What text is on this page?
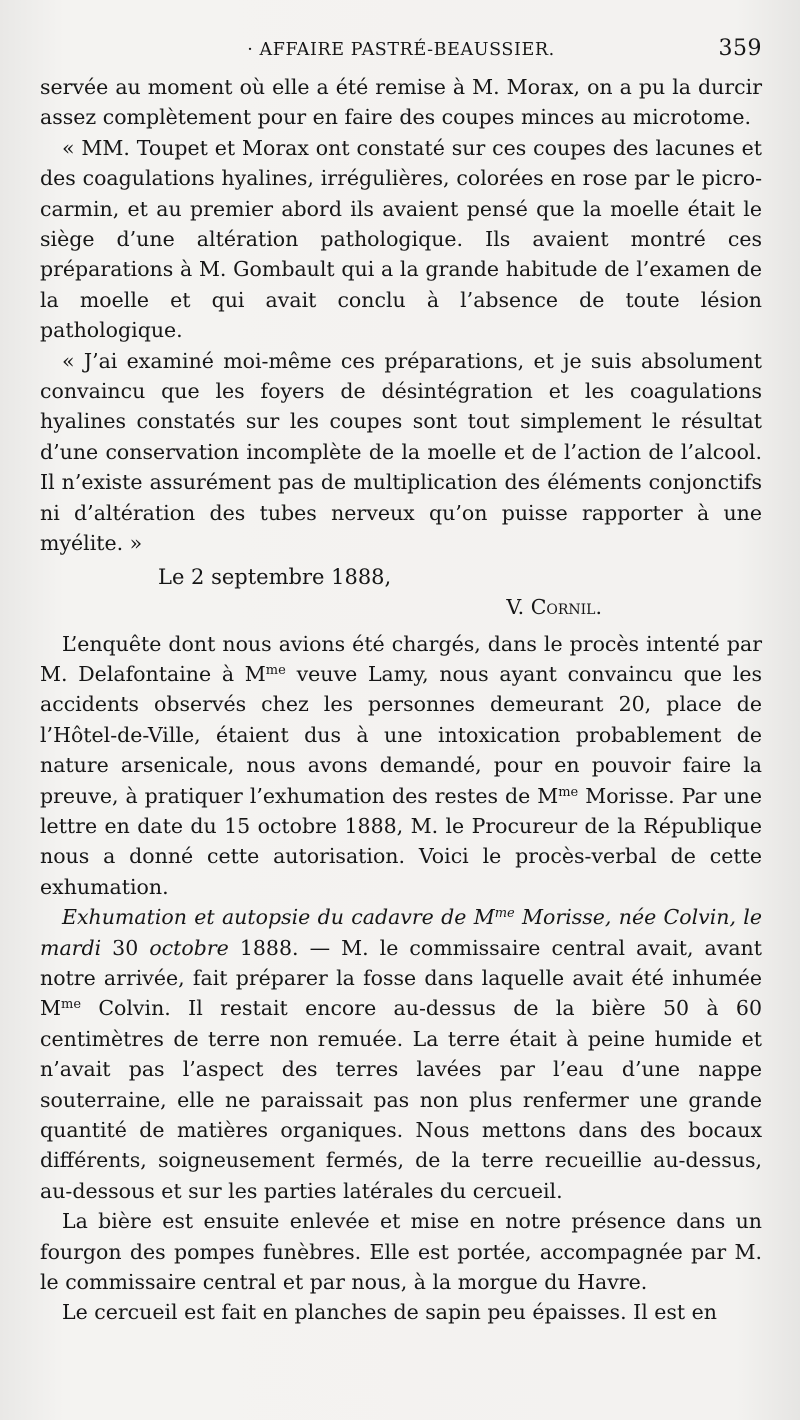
· AFFAIRE PASTRÉ-BEAUSSIER.	359

servée au moment où elle a été remise à M. Morax, on a pu la durcir assez complètement pour en faire des coupes minces au microtome.

« MM. Toupet et Morax ont constaté sur ces coupes des lacunes et des coagulations hyalines, irrégulières, colorées en rose par le picro-carmin, et au premier abord ils avaient pensé que la moelle était le siège d’une altération pathologique. Ils avaient montré ces préparations à M. Gombault qui a la grande habitude de l’examen de la moelle et qui avait conclu à l’absence de toute lésion pathologique.

« J’ai examiné moi-même ces préparations, et je suis absolument convaincu que les foyers de désintégration et les coagulations hyalines constatés sur les coupes sont tout simplement le résultat d’une conservation incomplète de la moelle et de l’action de l’alcool. Il n’existe assurément pas de multiplication des éléments conjonctifs ni d’altération des tubes nerveux qu’on puisse rapporter à une myélite. »

Le 2 septembre 1888,
V. Cornil.

L’enquête dont nous avions été chargés, dans le procès intenté par M. Delafontaine à $M^{me}$ veuve Lamy, nous ayant convaincu que les accidents observés chez les personnes demeurant 20, place de l’Hôtel-de-Ville, étaient dus à une intoxication probablement de nature arsenicale, nous avons demandé, pour en pouvoir faire la preuve, à pratiquer l’exhumation des restes de $M^{me}$ Morisse. Par une lettre en date du 15 octobre 1888, M. le Procureur de la République nous a donné cette autorisation. Voici le procès-verbal de cette exhumation.

Exhumation et autopsie du cadavre de $M^{me}$ Morisse, née Colvin, le mardi 30 octobre 1888. — M. le commissaire central avait, avant notre arrivée, fait préparer la fosse dans laquelle avait été inhumée $M^{me}$ Colvin. Il restait encore au-dessus de la bière 50 à 60 centimètres de terre non remuée. La terre était à peine humide et n’avait pas l’aspect des terres lavées par l’eau d’une nappe souterraine, elle ne paraissait pas non plus renfermer une grande quantité de matières organiques. Nous mettons dans des bocaux différents, soigneusement fermés, de la terre recueillie au-dessus, au-dessous et sur les parties latérales du cercueil.

La bière est ensuite enlevée et mise en notre présence dans un fourgon des pompes funèbres. Elle est portée, accompagnée par M. le commissaire central et par nous, à la morgue du Havre.

Le cercueil est fait en planches de sapin peu épaisses. Il est en
